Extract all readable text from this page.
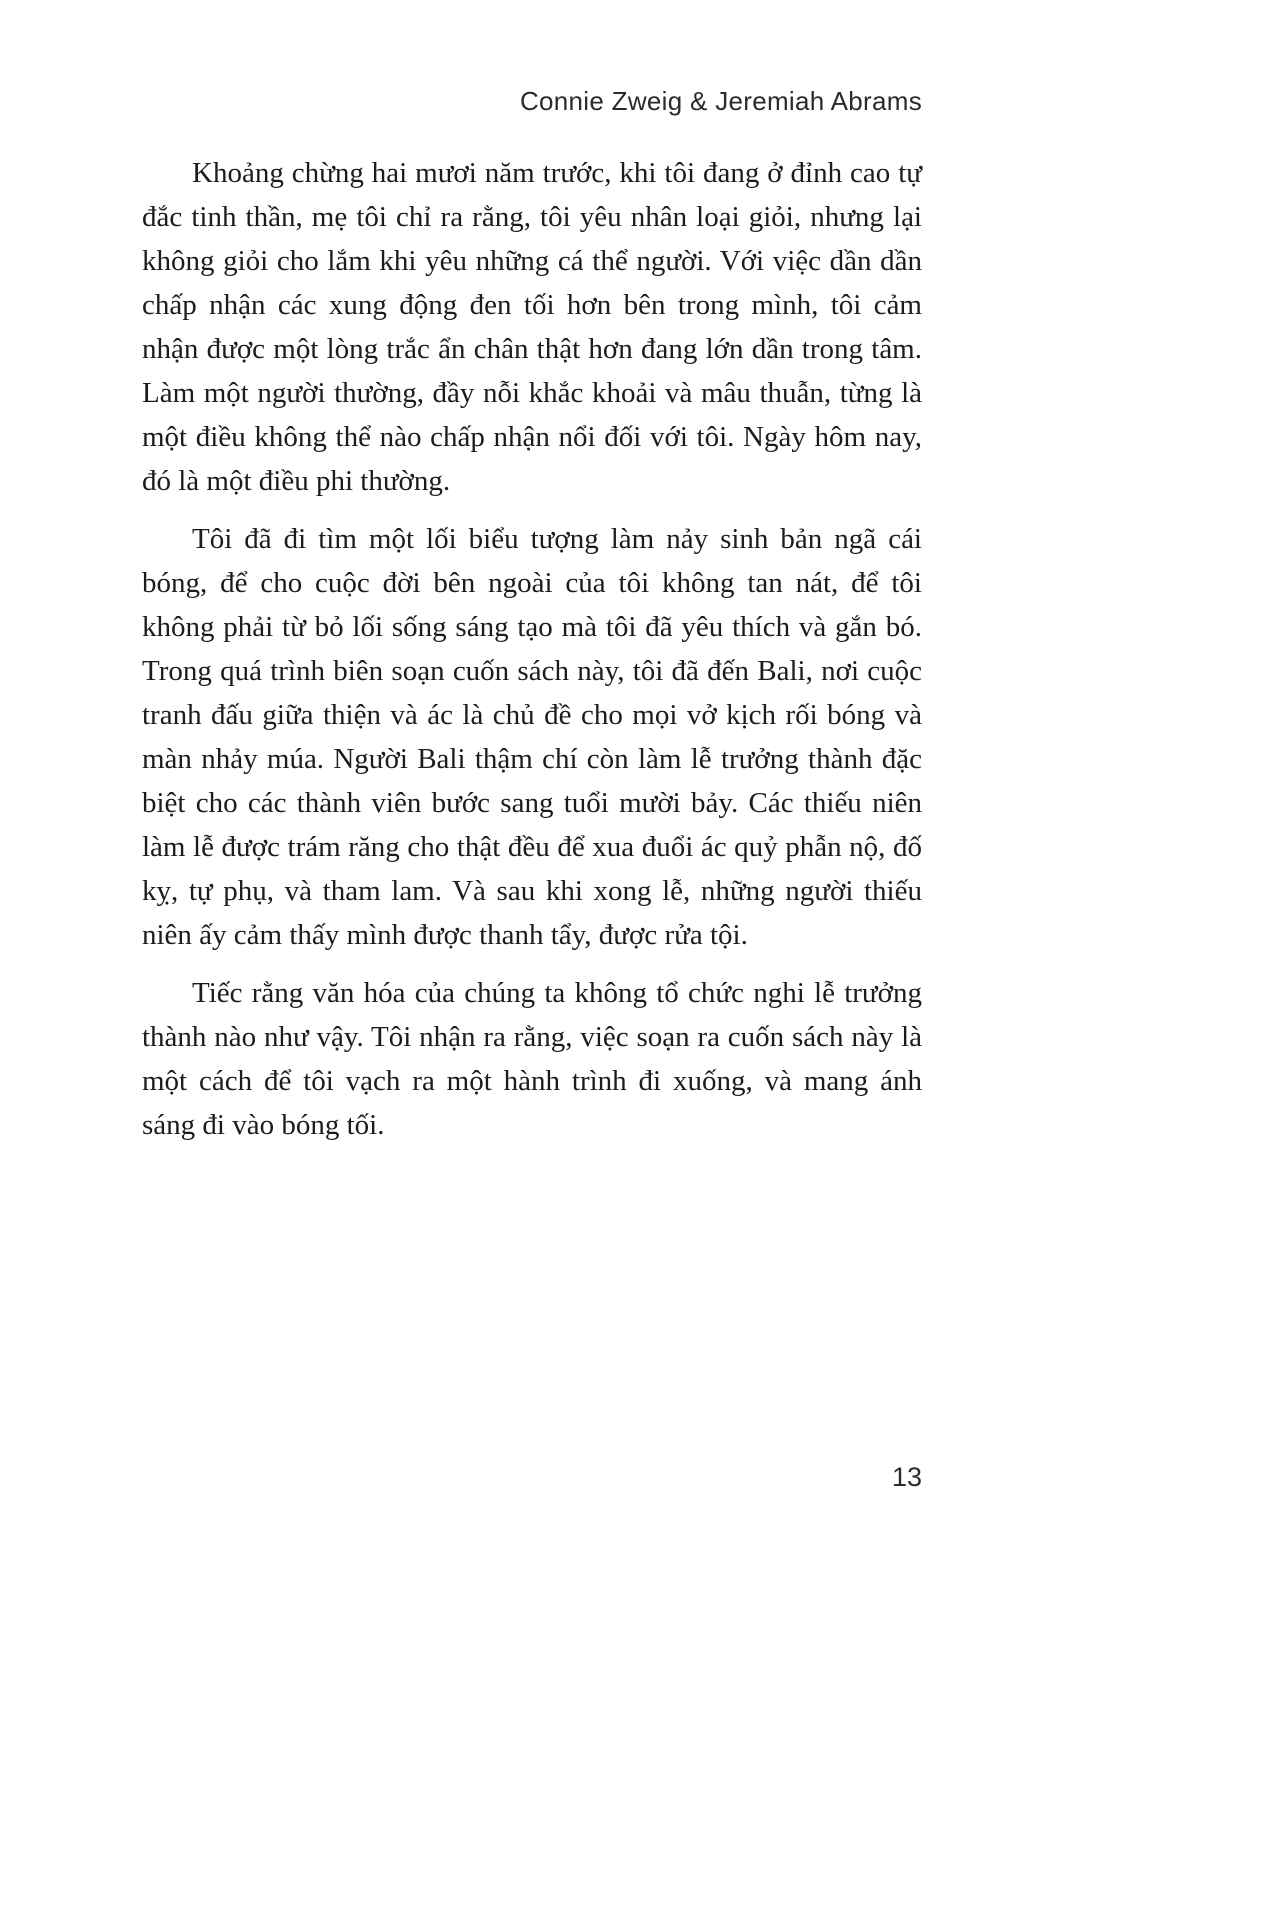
Connie Zweig & Jeremiah Abrams

Khoảng chừng hai mươi năm trước, khi tôi đang ở đỉnh cao tự đắc tinh thần, mẹ tôi chỉ ra rằng, tôi yêu nhân loại giỏi, nhưng lại không giỏi cho lắm khi yêu những cá thể người. Với việc dần dần chấp nhận các xung động đen tối hơn bên trong mình, tôi cảm nhận được một lòng trắc ẩn chân thật hơn đang lớn dần trong tâm. Làm một người thường, đầy nỗi khắc khoải và mâu thuẫn, từng là một điều không thể nào chấp nhận nổi đối với tôi. Ngày hôm nay, đó là một điều phi thường.

Tôi đã đi tìm một lối biểu tượng làm nảy sinh bản ngã cái bóng, để cho cuộc đời bên ngoài của tôi không tan nát, để tôi không phải từ bỏ lối sống sáng tạo mà tôi đã yêu thích và gắn bó. Trong quá trình biên soạn cuốn sách này, tôi đã đến Bali, nơi cuộc tranh đấu giữa thiện và ác là chủ đề cho mọi vở kịch rối bóng và màn nhảy múa. Người Bali thậm chí còn làm lễ trưởng thành đặc biệt cho các thành viên bước sang tuổi mười bảy. Các thiếu niên làm lễ được trám răng cho thật đều để xua đuổi ác quỷ phẫn nộ, đố kỵ, tự phụ, và tham lam. Và sau khi xong lễ, những người thiếu niên ấy cảm thấy mình được thanh tẩy, được rửa tội.

Tiếc rằng văn hóa của chúng ta không tổ chức nghi lễ trưởng thành nào như vậy. Tôi nhận ra rằng, việc soạn ra cuốn sách này là một cách để tôi vạch ra một hành trình đi xuống, và mang ánh sáng đi vào bóng tối.

13
